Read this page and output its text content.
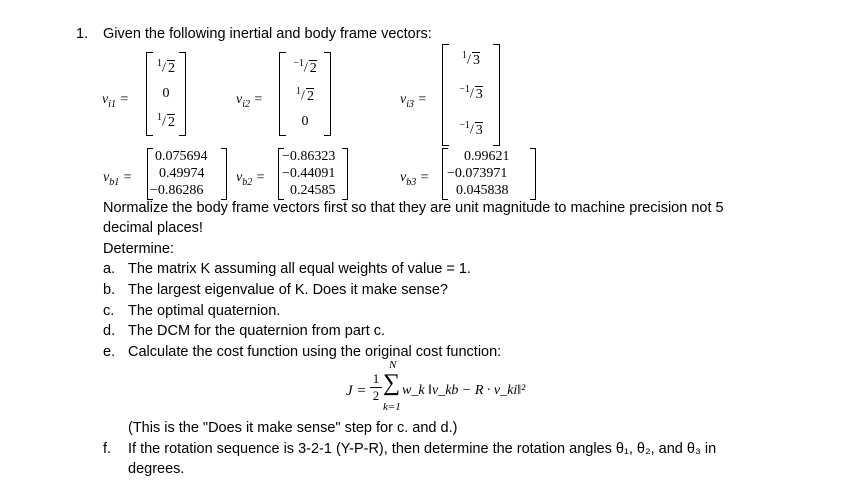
1. Given the following inertial and body frame vectors:
$v_{i1}$ =
$^1$/ 2
0
$^1$/ 2
$v_{i2}$ =
$^{-1}$/ 2
$^1$/ 2
0
$v_{i3}$ =
$^1$/ 3
$^{-1}$/ 3
$^{-1}$/ 3
$v_{b1}$ =
0.075694
0.49974
−0.86286
$v_{b2}$ =
−0.86323
−0.44091
0.24585
$v_{b3}$ =
0.99621
−0.073971
0.045838
Normalize the body frame vectors first so that they are unit magnitude to machine precision not 5
decimal places!
Determine:
a. The matrix K assuming all equal weights of value = 1.
b. The largest eigenvalue of K. Does it make sense?
c. The optimal quaternion.
d. The DCM for the quaternion from part c.
e. Calculate the cost function using the original cost function:
J =
1
2
N
∑
k=1
w_k ‖v_kb − R · v_ki‖²
(This is the "Does it make sense" step for c. and d.)
f. If the rotation sequence is 3-2-1 (Y-P-R), then determine the rotation angles θ₁, θ₂, and θ₃ in
degrees.
